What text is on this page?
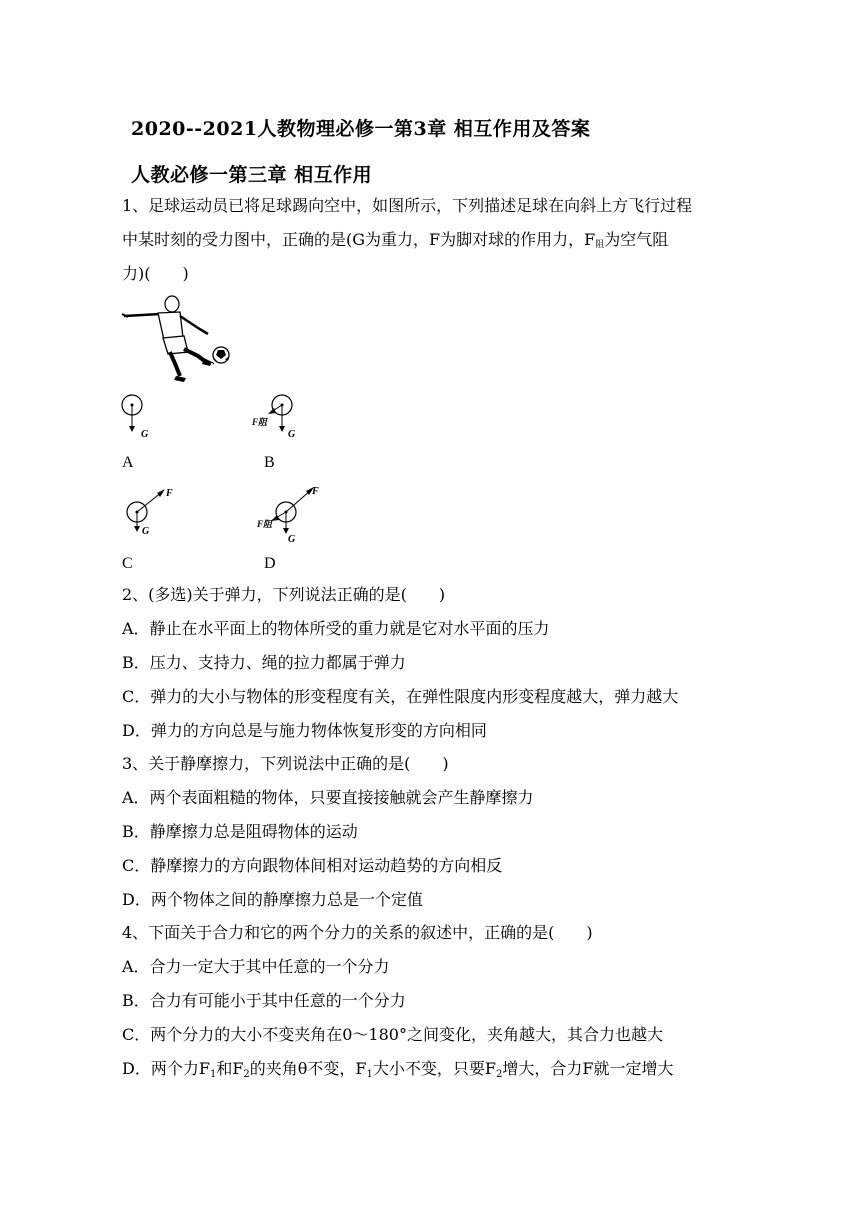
2020--2021人教物理必修一第3章 相互作用及答案
人教必修一第三章 相互作用
1、足球运动员已将足球踢向空中，如图所示，下列描述足球在向斜上方飞行过程
中某时刻的受力图中，正确的是(G为重力，F为脚对球的作用力，$F_阻$为空气阻
力)(　　)
G
A
G
F阻
B
F
G
C
F
F阻
G
D
2、(多选)关于弹力，下列说法正确的是(　　)
A．静止在水平面上的物体所受的重力就是它对水平面的压力
B．压力、支持力、绳的拉力都属于弹力
C．弹力的大小与物体的形变程度有关，在弹性限度内形变程度越大，弹力越大
D．弹力的方向总是与施力物体恢复形变的方向相同
3、关于静摩擦力，下列说法中正确的是(　　)
A．两个表面粗糙的物体，只要直接接触就会产生静摩擦力
B．静摩擦力总是阻碍物体的运动
C．静摩擦力的方向跟物体间相对运动趋势的方向相反
D．两个物体之间的静摩擦力总是一个定值
4、下面关于合力和它的两个分力的关系的叙述中，正确的是(　　)
A．合力一定大于其中任意的一个分力
B．合力有可能小于其中任意的一个分力
C．两个分力的大小不变夹角在0～180°之间变化，夹角越大，其合力也越大
D．两个力$F_1$和$F_2$的夹角θ不变，$F_1$大小不变，只要$F_2$增大，合力F就一定增大
